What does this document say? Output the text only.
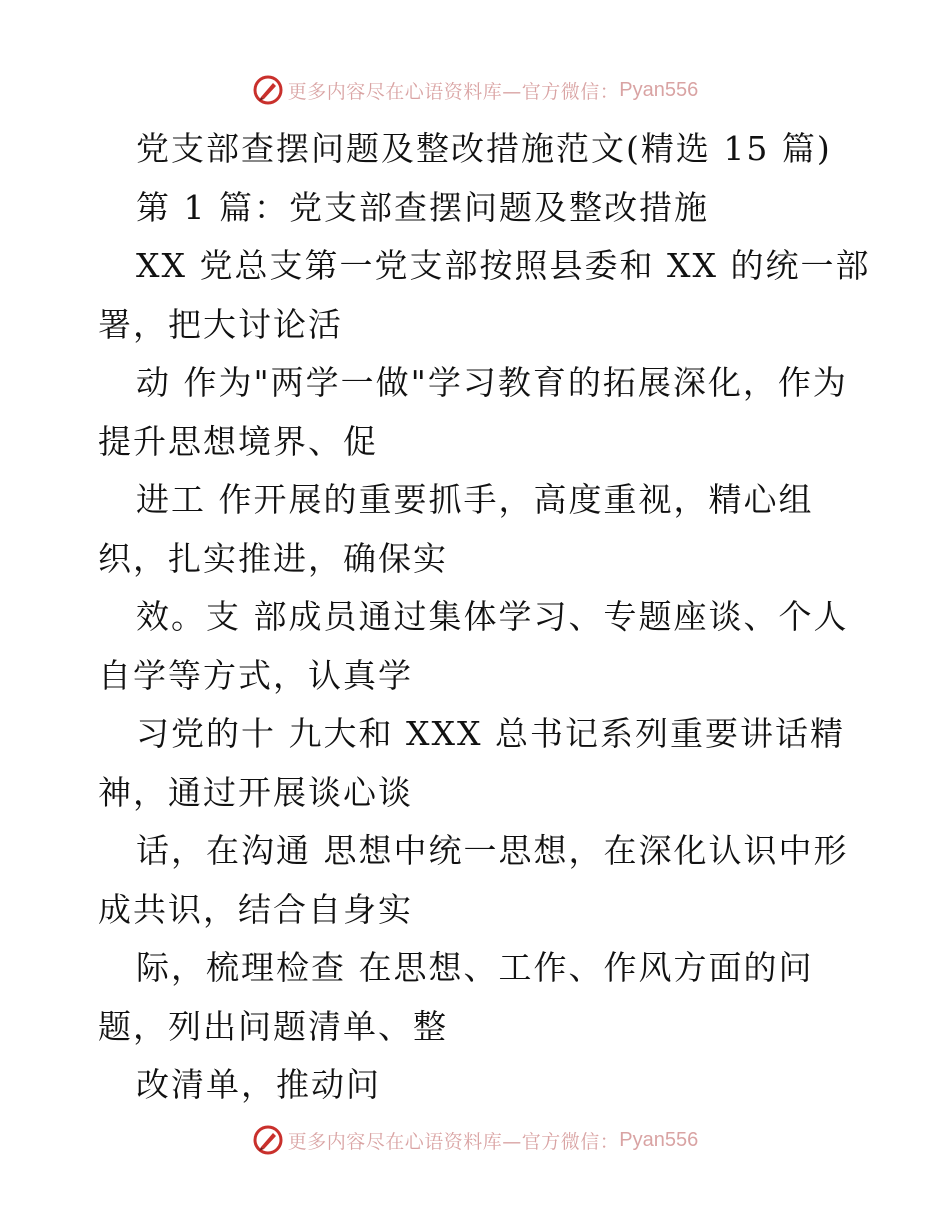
更多内容尽在心语资料库—官方微信： Pyan556
党支部查摆问题及整改措施范文(精选 15 篇)
第 1 篇：党支部查摆问题及整改措施
XX 党总支第一党支部按照县委和 XX 的统一部
署，把大讨论活
动 作为"两学一做"学习教育的拓展深化，作为
提升思想境界、促
进工 作开展的重要抓手，高度重视，精心组
织，扎实推进，确保实
效。支 部成员通过集体学习、专题座谈、个人
自学等方式，认真学
习党的十 九大和 XXX 总书记系列重要讲话精
神，通过开展谈心谈
话，在沟通 思想中统一思想，在深化认识中形
成共识，结合自身实
际，梳理检查 在思想、工作、作风方面的问
题，列出问题清单、整
改清单，推动问
更多内容尽在心语资料库—官方微信： Pyan556
